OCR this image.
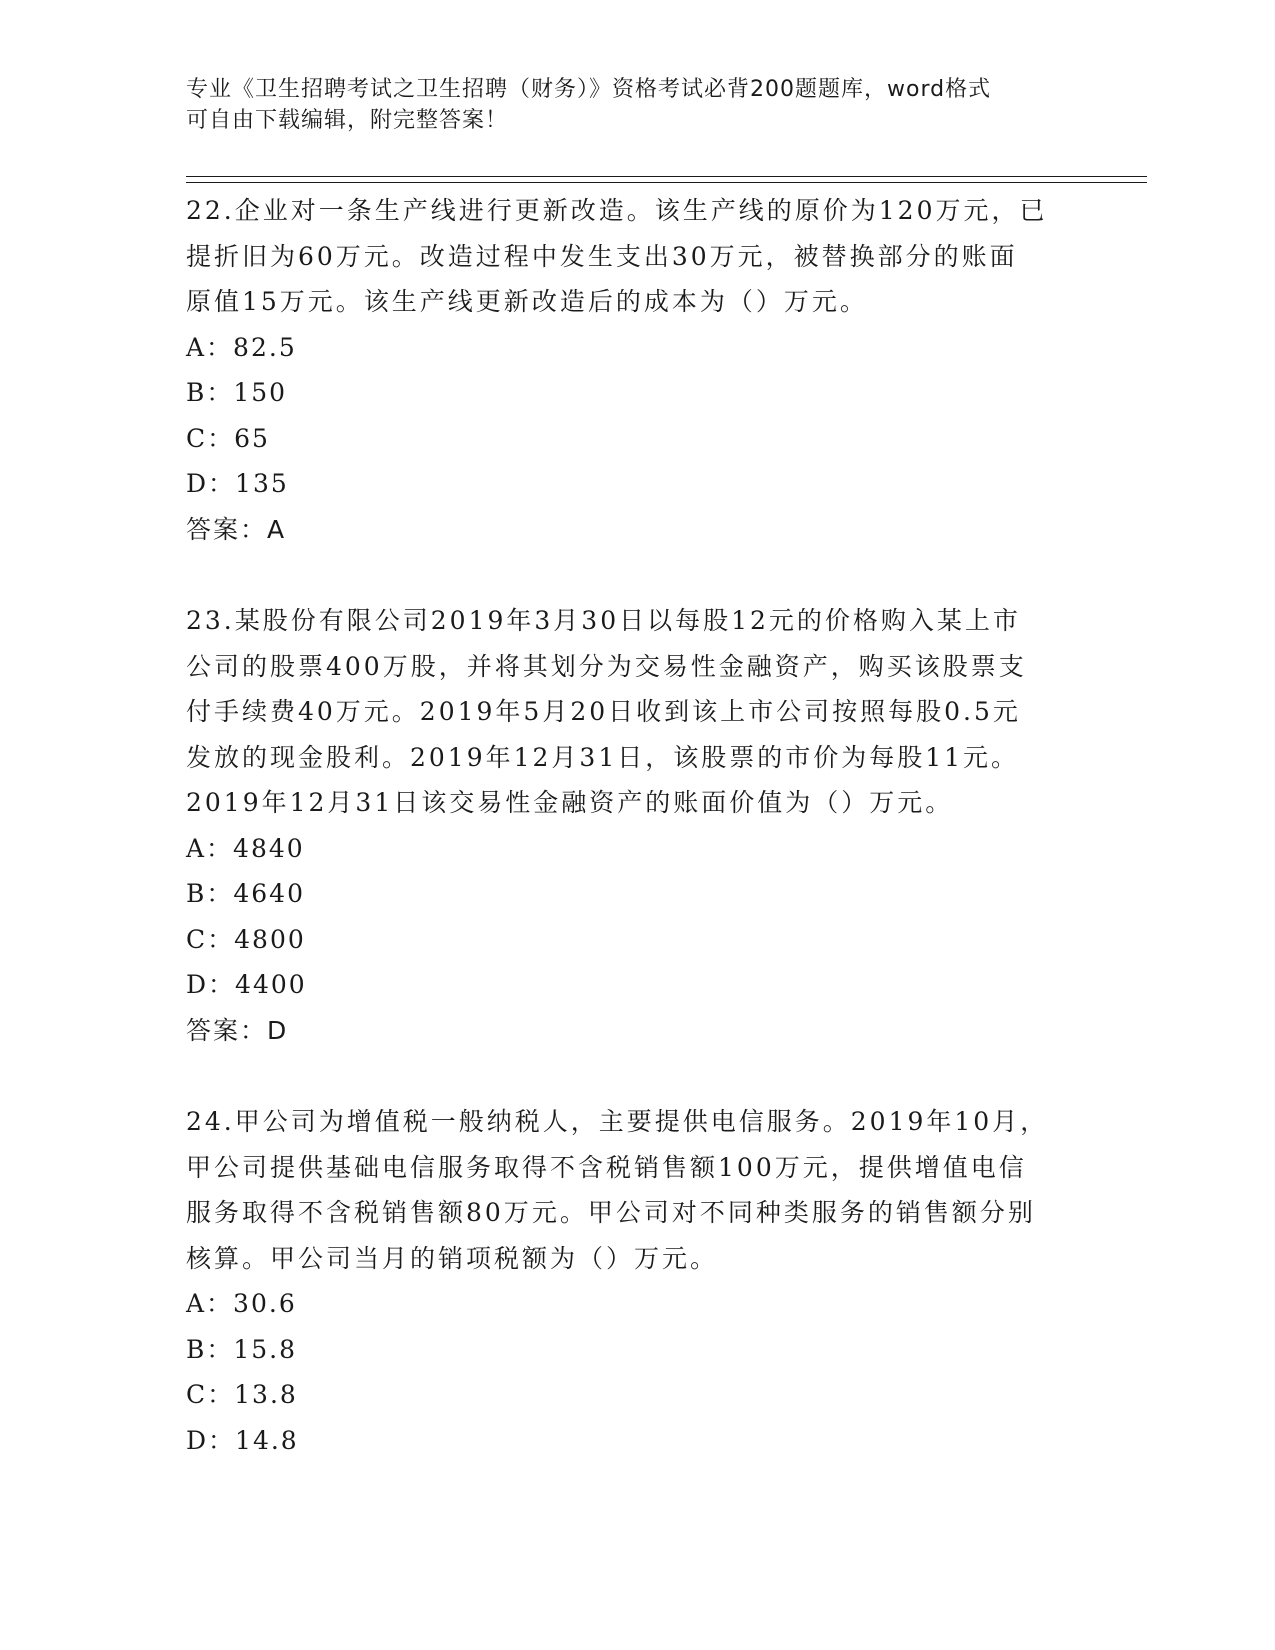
专业《卫生招聘考试之卫生招聘（财务）》资格考试必背200题题库，word格式
可自由下载编辑，附完整答案！
22.企业对一条生产线进行更新改造。该生产线的原价为120万元，已
提折旧为60万元。改造过程中发生支出30万元，被替换部分的账面
原值15万元。该生产线更新改造后的成本为（）万元。
A：82.5
B：150
C：65
D：135
答案：A
23.某股份有限公司2019年3月30日以每股12元的价格购入某上市
公司的股票400万股，并将其划分为交易性金融资产，购买该股票支
付手续费40万元。2019年5月20日收到该上市公司按照每股0.5元
发放的现金股利。2019年12月31日，该股票的市价为每股11元。
2019年12月31日该交易性金融资产的账面价值为（）万元。
A：4840
B：4640
C：4800
D：4400
答案：D
24.甲公司为增值税一般纳税人，主要提供电信服务。2019年10月，
甲公司提供基础电信服务取得不含税销售额100万元，提供增值电信
服务取得不含税销售额80万元。甲公司对不同种类服务的销售额分别
核算。甲公司当月的销项税额为（）万元。
A：30.6
B：15.8
C：13.8
D：14.8
